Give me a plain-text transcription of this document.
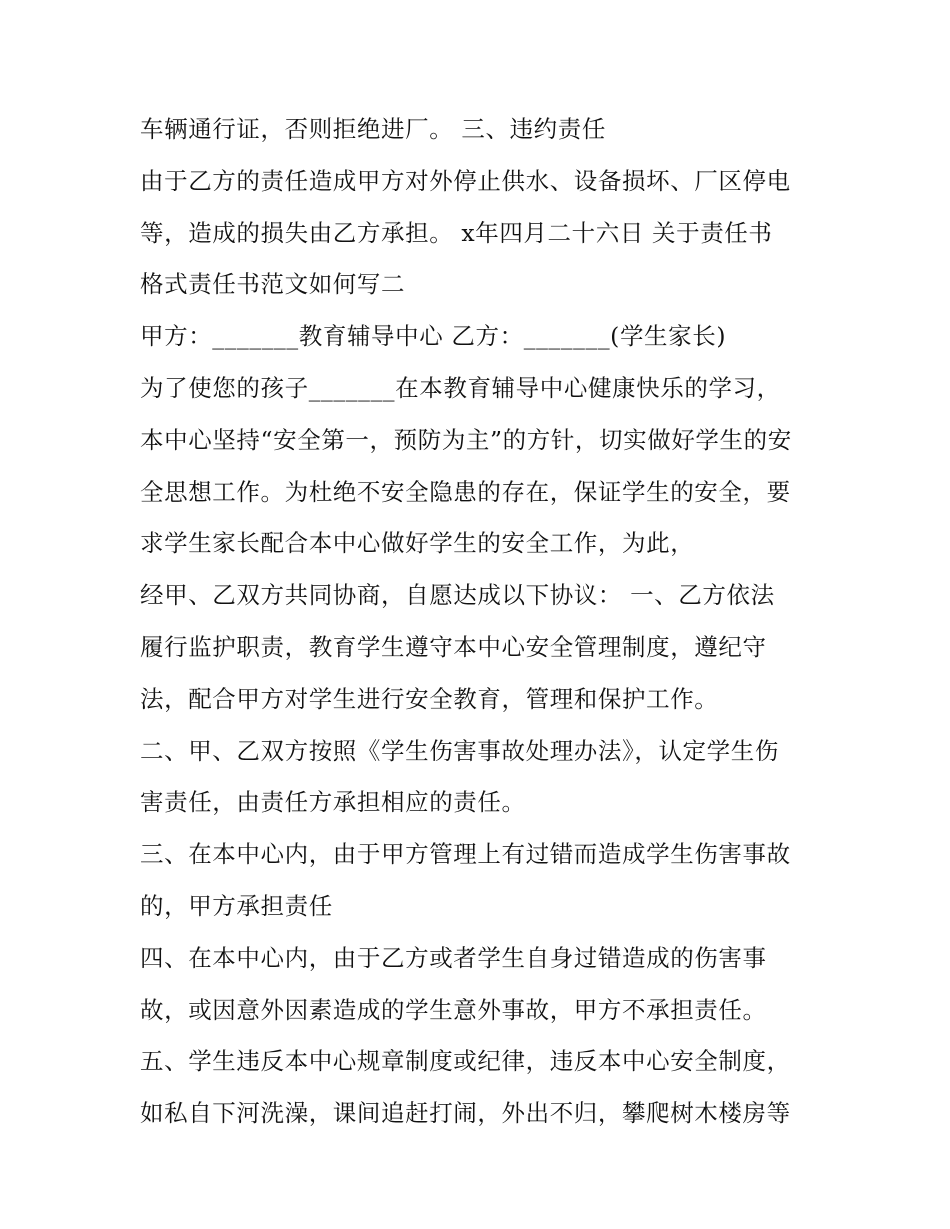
车辆通行证，否则拒绝进厂。 三、违约责任
由于乙方的责任造成甲方对外停止供水、设备损坏、厂区停电
等，造成的损失由乙方承担。 x年四月二十六日 关于责任书
格式责任书范文如何写二
甲方：_______教育辅导中心 乙方：_______(学生家长)
为了使您的孩子_______在本教育辅导中心健康快乐的学习，
本中心坚持“安全第一，预防为主”的方针，切实做好学生的安
全思想工作。为杜绝不安全隐患的存在，保证学生的安全，要
求学生家长配合本中心做好学生的安全工作，为此，
经甲、乙双方共同协商，自愿达成以下协议： 一、乙方依法
履行监护职责，教育学生遵守本中心安全管理制度，遵纪守
法，配合甲方对学生进行安全教育，管理和保护工作。
二、甲、乙双方按照《学生伤害事故处理办法》，认定学生伤
害责任，由责任方承担相应的责任。
三、在本中心内，由于甲方管理上有过错而造成学生伤害事故
的，甲方承担责任
四、在本中心内，由于乙方或者学生自身过错造成的伤害事
故，或因意外因素造成的学生意外事故，甲方不承担责任。
五、学生违反本中心规章制度或纪律，违反本中心安全制度，
如私自下河洗澡，课间追赶打闹，外出不归，攀爬树木楼房等
